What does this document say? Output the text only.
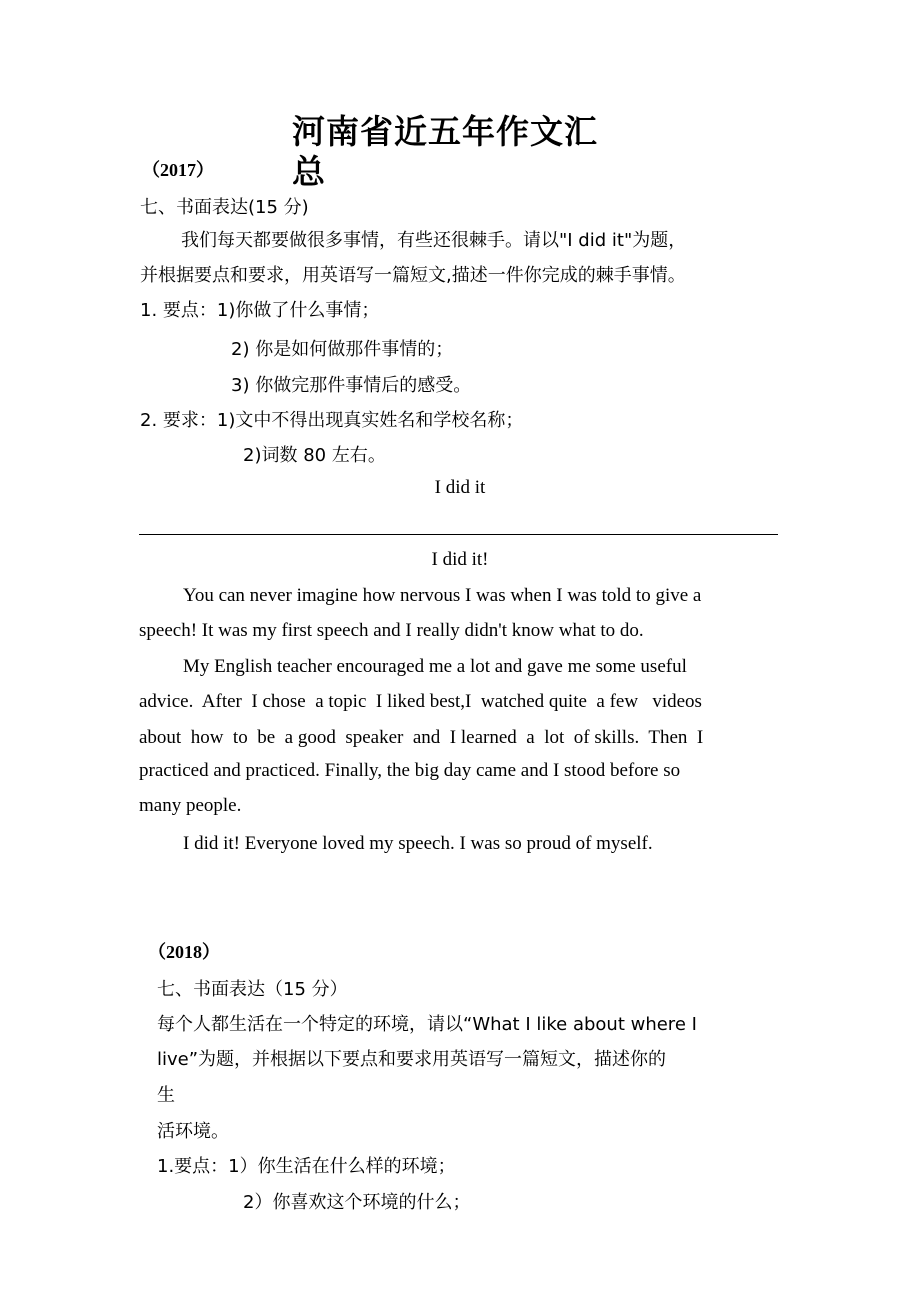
河南省近五年作文汇
总
（2017）
七、书面表达(15 分)
我们每天都要做很多事情，有些还很棘手。请以"I did it"为题，
并根据要点和要求，用英语写一篇短文,描述一件你完成的棘手事情。
1. 要点：1)你做了什么事情；
2) 你是如何做那件事情的；
3) 你做完那件事情后的感受。
2. 要求：1)文中不得出现真实姓名和学校名称；
2)词数 80 左右。
I did it
I did it!
You can never imagine how nervous I was when I was told to give a
speech! It was my first speech and I really didn't know what to do.
My English teacher encouraged me a lot and gave me some useful
advice.  After  I chose  a topic  I liked best,I  watched quite  a few   videos
about  how  to  be  a good  speaker  and  I learned  a  lot  of skills.  Then  I
practiced and practiced. Finally, the big day came and I stood before so
many people.
I did it! Everyone loved my speech. I was so proud of myself.
（2018）
七、书面表达（15 分）
每个人都生活在一个特定的环境，请以“What I like about where I
live”为题，并根据以下要点和要求用英语写一篇短文，描述你的
生
活环境。
1.要点：1）你生活在什么样的环境；
2）你喜欢这个环境的什么；
